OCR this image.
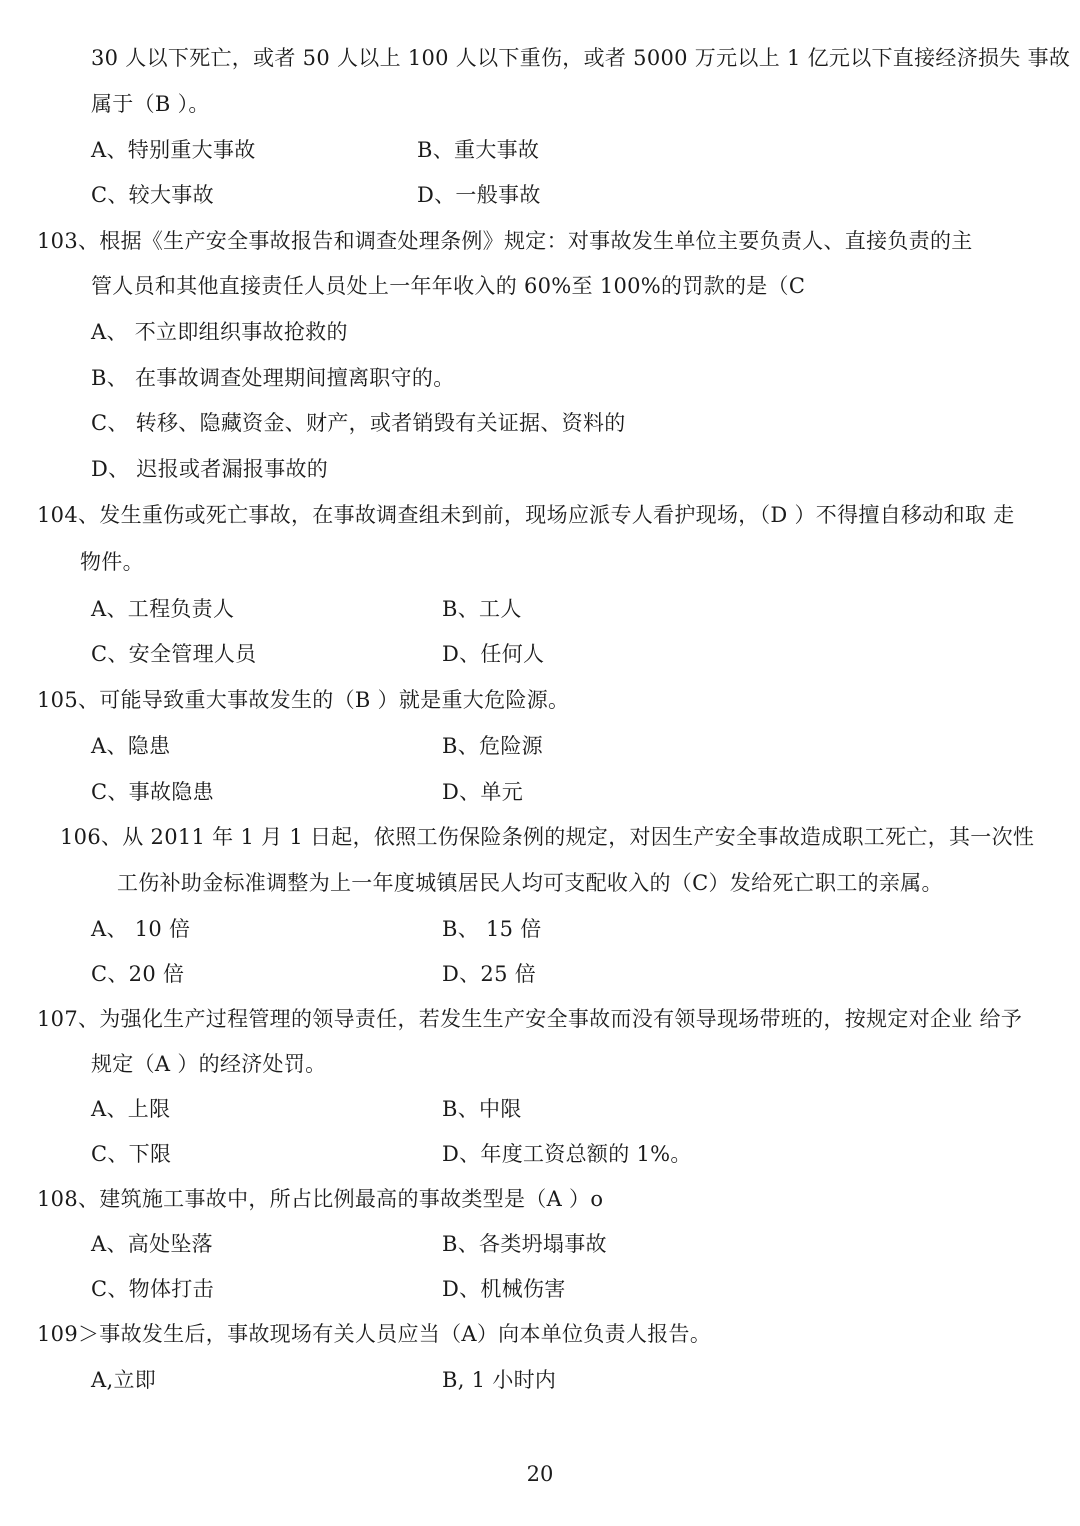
30 人以下死亡，或者 50 人以上 100 人以下重伤，或者 5000 万元以上 1 亿元以下直接经济损失 事故
属于（B ）。
A、特别重大事故	B、重大事故
C、较大事故	D、一般事故
103、根据《生产安全事故报告和调查处理条例》规定：对事故发生单位主要负责人、直接负责的主
管人员和其他直接责任人员处上一年年收入的 60%至 100%的罚款的是（C
A、 不立即组织事故抢救的
B、 在事故调查处理期间擅离职守的。
C、 转移、隐藏资金、财产，或者销毁有关证据、资料的
D、 迟报或者漏报事故的
104、发生重伤或死亡事故，在事故调查组未到前，现场应派专人看护现场，（D ）不得擅自移动和取 走
物件。
A、工程负责人	B、工人
C、安全管理人员	D、任何人
105、可能导致重大事故发生的（B ）就是重大危险源。
A、隐患	B、危险源
C、事故隐患	D、单元
106、从 2011 年 1 月 1 日起，依照工伤保险条例的规定，对因生产安全事故造成职工死亡，其一次性
工伤补助金标准调整为上一年度城镇居民人均可支配收入的（C）发给死亡职工的亲属。
A、 10 倍	B、 15 倍
C、20 倍	D、25 倍
107、为强化生产过程管理的领导责任，若发生生产安全事故而没有领导现场带班的，按规定对企业 给予
规定（A ）的经济处罚。
A、上限	B、中限
C、下限	D、年度工资总额的 1%。
108、建筑施工事故中，所占比例最高的事故类型是（A ）o
A、高处坠落	B、各类坍塌事故
C、物体打击	D、机械伤害
109＞事故发生后，事故现场有关人员应当（A）向本单位负责人报告。
A,立即	B, 1 小时内
20
